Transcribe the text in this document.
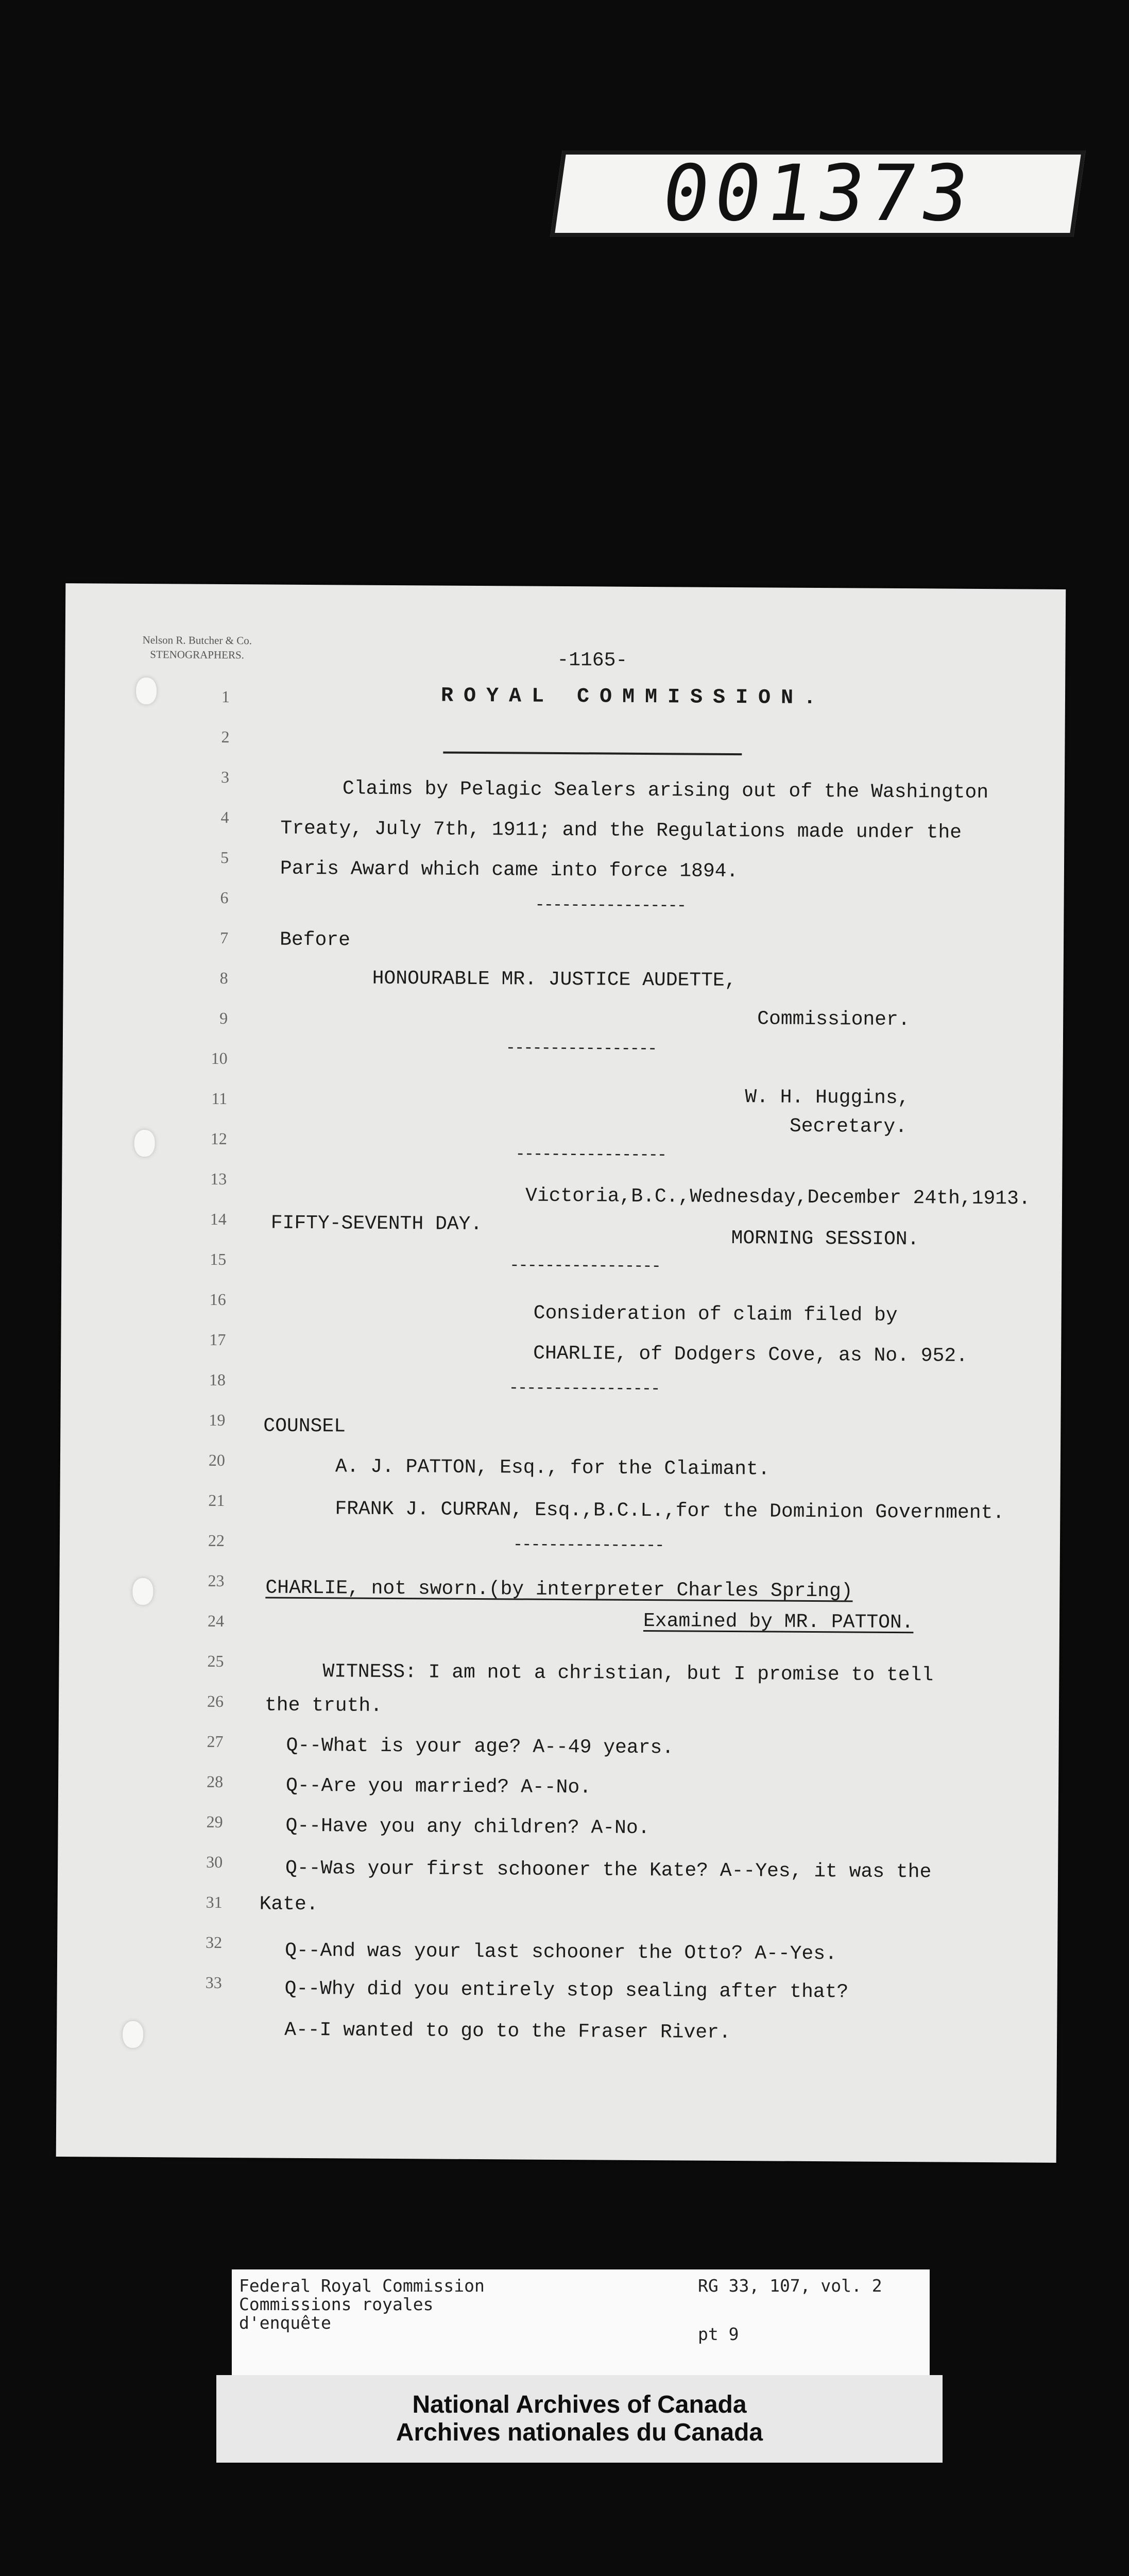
001373
Nelson R. Butcher & Co.
STENOGRAPHERS.	-1165-
1
2
3
4
5
6
7
8
9
10
11
12
13
14
15
16
17
18
19
20
21
22
23
24
25
26
27
28
29
30
31
32
33
ROYAL COMMISSION.
Claims by Pelagic Sealers arising out of the Washington
Treaty, July 7th, 1911; and the Regulations made under the
Paris Award which came into force 1894.
-----------------
Before
HONOURABLE MR. JUSTICE AUDETTE,
Commissioner.
-----------------
W. H. Huggins,
Secretary.
-----------------
Victoria,B.C.,Wednesday,December 24th,1913.
FIFTY-SEVENTH DAY.
MORNING SESSION.
-----------------
Consideration of claim filed by
CHARLIE, of Dodgers Cove, as No. 952.
-----------------
COUNSEL
A. J. PATTON, Esq., for the Claimant.
FRANK J. CURRAN, Esq.,B.C.L.,for the Dominion Government.
-----------------
CHARLIE, not sworn.(by interpreter Charles Spring)
Examined by MR. PATTON.
WITNESS: I am not a christian, but I promise to tell
the truth.
Q--What is your age? A--49 years.
Q--Are you married? A--No.
Q--Have you any children? A-No.
Q--Was your first schooner the Kate? A--Yes, it was the
Kate.
Q--And was your last schooner the Otto? A--Yes.
Q--Why did you entirely stop sealing after that?
A--I wanted to go to the Fraser River.
Federal Royal Commission
Commissions royales
d'enquête
RG 33, 107, vol. 2
pt 9
National Archives of Canada
Archives nationales du Canada
